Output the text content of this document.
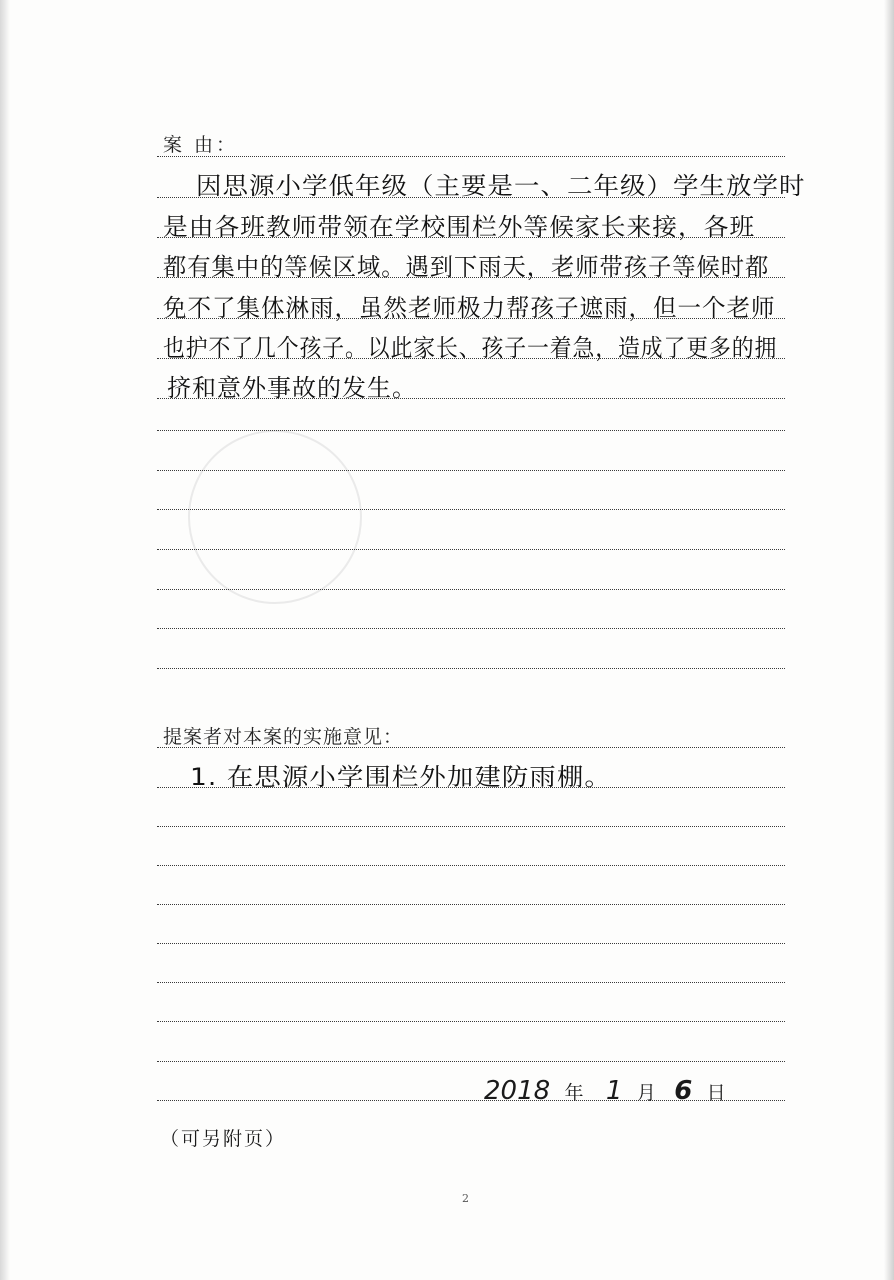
案 由：
因思源小学低年级（主要是一、二年级）学生放学时
是由各班教师带领在学校围栏外等候家长来接，各班
都有集中的等候区域。遇到下雨天，老师带孩子等候时都
免不了集体淋雨，虽然老师极力帮孩子遮雨，但一个老师
也护不了几个孩子。以此家长、孩子一着急，造成了更多的拥
挤和意外事故的发生。
提案者对本案的实施意见：
1. 在思源小学围栏外加建防雨棚。
2018 年 1 月 6 日
（可另附页）
2
